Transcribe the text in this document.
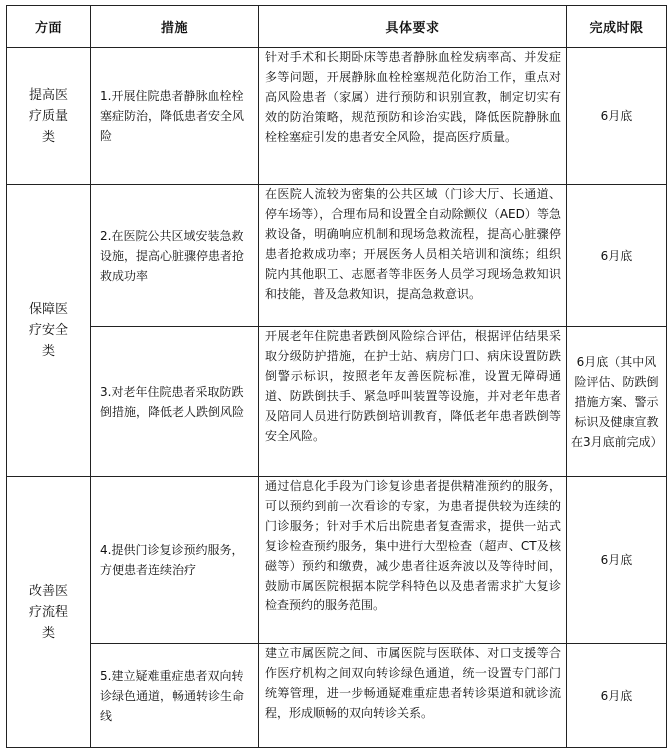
方面	措施	具体要求	完成时限

提高医疗质量类	1.开展住院患者静脉血栓栓塞症防治，降低患者安全风险	针对手术和长期卧床等患者静脉血栓发病率高、并发症多等问题，开展静脉血栓栓塞规范化防治工作，重点对高风险患者（家属）进行预防和识别宣教，制定切实有效的防治策略，规范预防和诊治实践，降低医院静脉血栓栓塞症引发的患者安全风险，提高医疗质量。	6月底

保障医疗安全类	2.在医院公共区域安装急救设施，提高心脏骤停患者抢救成功率	在医院人流较为密集的公共区域（门诊大厅、长通道、停车场等），合理布局和设置全自动除颤仪（AED）等急救设备，明确响应机制和现场急救流程，提高心脏骤停患者抢救成功率；开展医务人员相关培训和演练；组织院内其他职工、志愿者等非医务人员学习现场急救知识和技能，普及急救知识，提高急救意识。	6月底

	3.对老年住院患者采取防跌倒措施，降低老人跌倒风险	开展老年住院患者跌倒风险综合评估，根据评估结果采取分级防护措施，在护士站、病房门口、病床设置防跌倒警示标识，按照老年友善医院标准，设置无障碍通道、防跌倒扶手、紧急呼叫装置等设施，并对老年患者及陪同人员进行防跌倒培训教育，降低老年患者跌倒等安全风险。	6月底（其中风险评估、防跌倒措施方案、警示标识及健康宣教在3月底前完成）

改善医疗流程类	4.提供门诊复诊预约服务，方便患者连续治疗	通过信息化手段为门诊复诊患者提供精准预约的服务，可以预约到前一次看诊的专家，为患者提供较为连续的门诊服务；针对手术后出院患者复查需求，提供一站式复诊检查预约服务，集中进行大型检查（超声、CT及核磁等）预约和缴费，减少患者往返奔波以及等待时间，鼓励市属医院根据本院学科特色以及患者需求扩大复诊检查预约的服务范围。	6月底

	5.建立疑难重症患者双向转诊绿色通道，畅通转诊生命线	建立市属医院之间、市属医院与医联体、对口支援等合作医疗机构之间双向转诊绿色通道，统一设置专门部门统筹管理，进一步畅通疑难重症患者转诊渠道和就诊流程，形成顺畅的双向转诊关系。	6月底
